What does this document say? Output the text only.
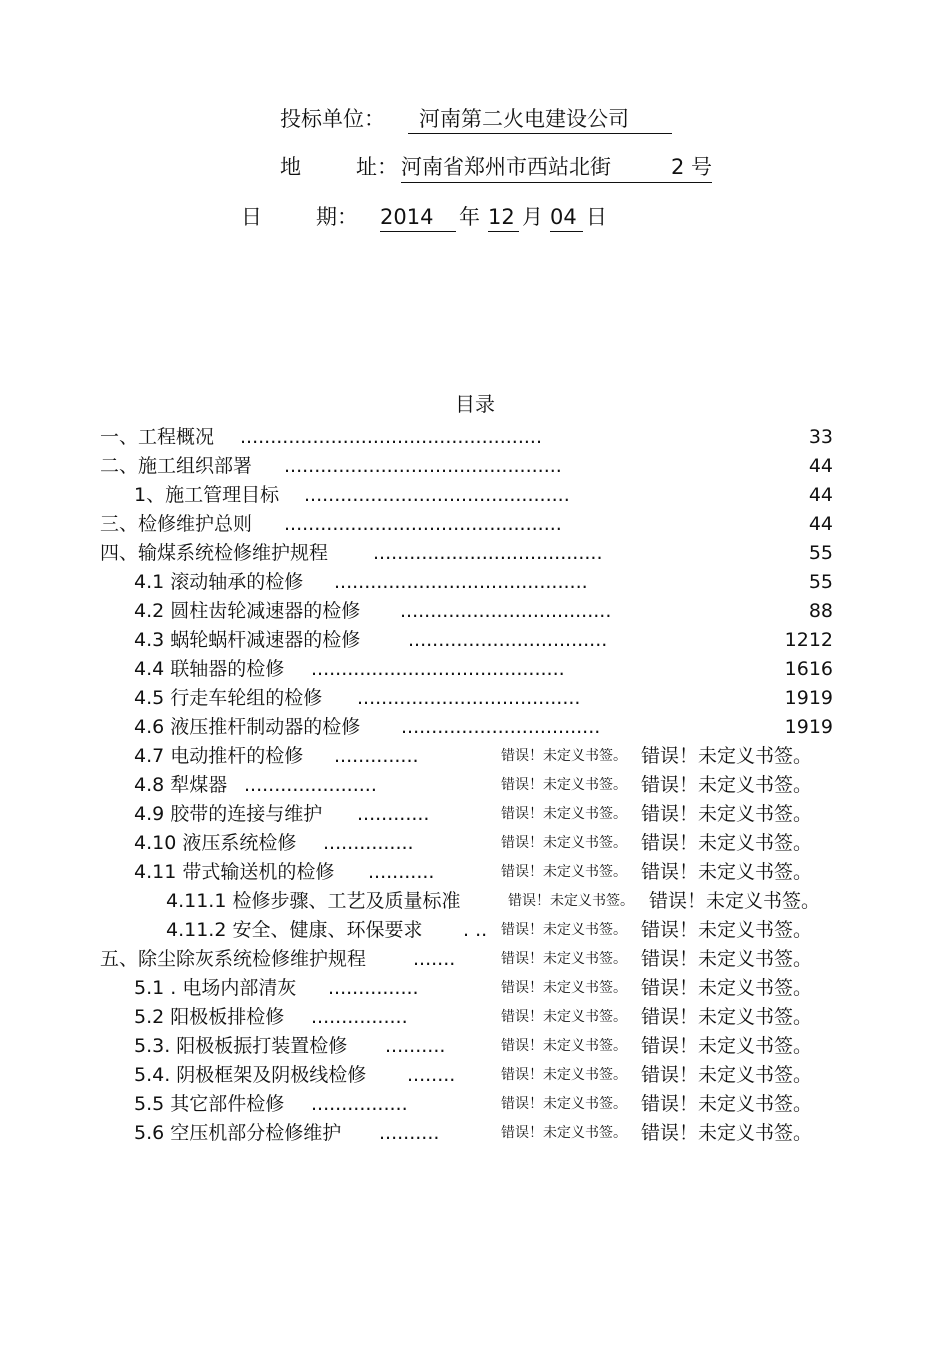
投标单位：	河南第二火电建设公司
地	址： 河南省郑州市西站北街	2 号
日	期： 2014	年 12 月 04 日
目录
一、工程概况 ..................................................	33
二、施工组织部署 ..............................................	44
1、施工管理目标 ............................................	44
三、检修维护总则 ..............................................	44
四、输煤系统检修维护规程 ......................................	55
4.1 滚动轴承的检修 ..........................................	55
4.2 圆柱齿轮减速器的检修 ...................................	88
4.3 蜗轮蜗杆减速器的检修	.................................	1212
4.4 联轴器的检修 ..........................................	1616
4.5 行走车轮组的检修 .....................................	1919
4.6 液压推杆制动器的检修 .................................	1919
4.7 电动推杆的检修 ..............	错误！未定义书签。 错误！未定义书签。
4.8 犁煤器 ......................	错误！未定义书签。 错误！未定义书签。
4.9 胶带的连接与维护 ............	错误！未定义书签。 错误！未定义书签。
4.10 液压系统检修 ...............	错误！未定义书签。 错误！未定义书签。
4.11 带式输送机的检修 ...........	错误！未定义书签。 错误！未定义书签。
4.11.1 检修步骤、工艺及质量标准	错误！未定义书签。 错误！未定义书签。
4.11.2 安全、健康、环保要求 . .. 错误！未定义书签。 错误！未定义书签。
五、除尘除灰系统检修维护规程 .......	错误！未定义书签。 错误！未定义书签。
5.1 . 电场内部清灰 ...............	错误！未定义书签。 错误！未定义书签。
5.2 阳极板排检修 ................	错误！未定义书签。 错误！未定义书签。
5.3. 阳极板振打装置检修 ..........	错误！未定义书签。 错误！未定义书签。
5.4. 阴极框架及阴极线检修 ........	错误！未定义书签。 错误！未定义书签。
5.5 其它部件检修 ................	错误！未定义书签。 错误！未定义书签。
5.6 空压机部分检修维护 ..........	错误！未定义书签。 错误！未定义书签。
